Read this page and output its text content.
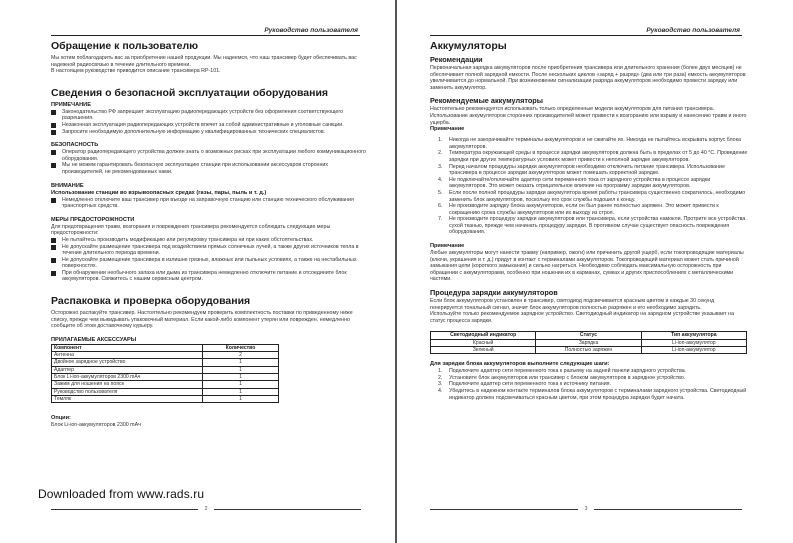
Руководство пользователя
Обращение к пользователю

Мы хотим поблагодарить вас за приобретение нашей продукции. Мы надеемся, что наш трансивер будет обеспечивать вас надежной радиосвязью в течение длительного времени.

В настоящем руководстве приводится описание трансивера RP-101.

Сведения о безопасной эксплуатации оборудования
ПРИМЕЧАНИЕ
Законодательство РФ запрещает эксплуатацию радиопередающих устройств без оформления соответствующего разрешения.
Незаконная эксплуатация радиопередающих устройств влечет за собой административные и уголовные санкции.
Запросите необходимую дополнительную информацию у квалифицированных технических специалистов.
БЕЗОПАСНОСТЬ
Оператор радиопередающего устройства должен знать о возможных рисках при эксплуатации любого коммуникационного оборудования.
Мы не можем гарантировать безопасную эксплуатацию станции при использовании аксессуаров сторонних производителей, не рекомендованных нами.
ВНИМАНИЕ
Использование станции во взрывоопасных средах (газы, пары, пыль и т. д.)
Немедленно отключите ваш трансивер при въезде на заправочную станцию или станцию технического обслуживания транспортных средств.
МЕРЫ ПРЕДОСТОРОЖНОСТИ

Для предотвращения травм, возгорания и повреждения трансивера рекомендуется соблюдать следующие меры предосторожности:

Не пытайтесь производить модификацию или регулировку трансивера ни при каких обстоятельствах.
Не допускайте размещение трансивера под воздействием прямых солнечных лучей, а также других источников тепла в течение длительного периода времени.
Не допускайте размещение трансивера в излишне грязных, влажных или пыльных условиях, а также на нестабильных поверхностях.
При обнаружении необычного запаха или дыма из трансивера немедленно отключите питание и отсоедините блок аккумуляторов. Свяжитесь с нашим сервисным центром.
Распаковка и проверка оборудования

Осторожно распакуйте трансивер. Настоятельно рекомендуем проверить комплектность поставки по приведенному ниже списку, прежде чем выкидывать упаковочный материал. Если какой-либо компонент утерян или поврежден, немедленно сообщите об этом доставочному курьеру.

ПРИЛАГАЕМЫЕ АКСЕССУАРЫ
Компонент	Количество
Антенна	2
Двойное зарядное устройство	1
Адаптер	1
Блок Li-ion-аккумуляторов 2300 mAч	1
Зажим для ношения на поясе	1
Руководство пользователя	1
Темляк	1
Опции:

Блок Li-ion-аккумуляторов 2300 mAч

Downloaded from www.rads.ru
2
Руководство пользователя
Аккумуляторы
Рекомендации

Первоначальная зарядка аккумуляторов после приобретения трансивера или длительного хранения (более двух месяцев) не обеспечивает полной зарядной емкости. После нескольких циклов «заряд + разряд» (два или три раза) емкость аккумуляторов увеличивается до нормальной. При возникновении сигнализации разряда аккумуляторов необходимо провести зарядку или заменить аккумулятор.

Рекомендуемые аккумуляторы

Настоятельно рекомендуется использовать только определенные модели аккумуляторов для питания трансивера. Использование аккумуляторов сторонних производителей может привести к возгоранию или взрыву и нанесению травм и иного ущерба.

Примечание
1. Никогда не закорачивайте терминалы аккумуляторов и не сжигайте их. Никогда не пытайтесь вскрывать корпус блока аккумуляторов.
2. Температура окружающей среды в процессе зарядки аккумуляторов должна быть в пределах от 5 до 40 °С. Проведение зарядки при других температурных условиях может привести к неполной зарядке аккумуляторов.
3. Перед началом процедуры зарядки аккумуляторов необходимо отключить питание трансивера. Использование трансивера в процессе зарядки аккумуляторов может помешать корректной зарядке.
4. Не подключайте/отключайте адаптер сети переменного тока от зарядного устройства в процессе зарядки аккумуляторов. Это может оказать отрицательное влияние на программу зарядки аккумуляторов.
5. Если после полной процедуры зарядки аккумулятора время работы трансивера существенно сократилось, необходимо заменить блок аккумуляторов, поскольку его срок службы подошел к концу.
6. Не производите зарядку блока аккумуляторов, если он был ранее полностью заряжен. Это может привести к сокращению срока службы аккумуляторов или их выходу из строя.
7. Не производите процедуру зарядки аккумуляторов или трансивера, если устройства намокли. Протрите все устройства сухой тканью, прежде чем начинать процедуру зарядки. В противном случае существует опасность повреждения оборудования.
Примечание

Любые аккумуляторы могут нанести травму (например, ожоги) или причинить другой ущерб, если токопроводящие материалы (ключи, украшения и т. д.) придут в контакт с терминалами аккумуляторов. Токопроводящий материал может стать причиной замыкания цепи (короткого замыкания) и сильно нагреться. Необходимо соблюдать максимальную осторожность при обращении с аккумуляторами, особенно при ношении их в карманах, сумках и других приспособлениях с металлическими частями.

Процедура зарядки аккумуляторов

Если блок аккумуляторов установлен в трансивер, светодиод подсвечивается красным цветом и каждые 30 секунд генерируется тональный сигнал, значит блок аккумуляторов полностью разряжен и его необходимо зарядить.

Используйте только рекомендуемое зарядное устройство. Светодиодный индикатор на зарядном устройстве указывает на статус процесса зарядки.

Светодиодный индикатор	Статус	Тип аккумулятора
Красный	Зарядка	Li-ion-аккумулятор
Зеленый	Полностью заряжен	Li-ion-аккумулятор
Для зарядки блока аккумуляторов выполните следующие шаги:
1. Подключите адаптер сети переменного тока к разъему на задней панели зарядного устройства.
2. Установите блок аккумуляторов или трансивер с блоком аккумуляторов в зарядное устройство.
3. Подключите адаптер сети переменного тока к источнику питания.
4. Убедитесь в надежном контакте терминалов блока аккумуляторов с терминалами зарядного устройства. Светодиодный индикатор должен подсвечиваться красным цветом, при этом процедура зарядки будет начата.
3
